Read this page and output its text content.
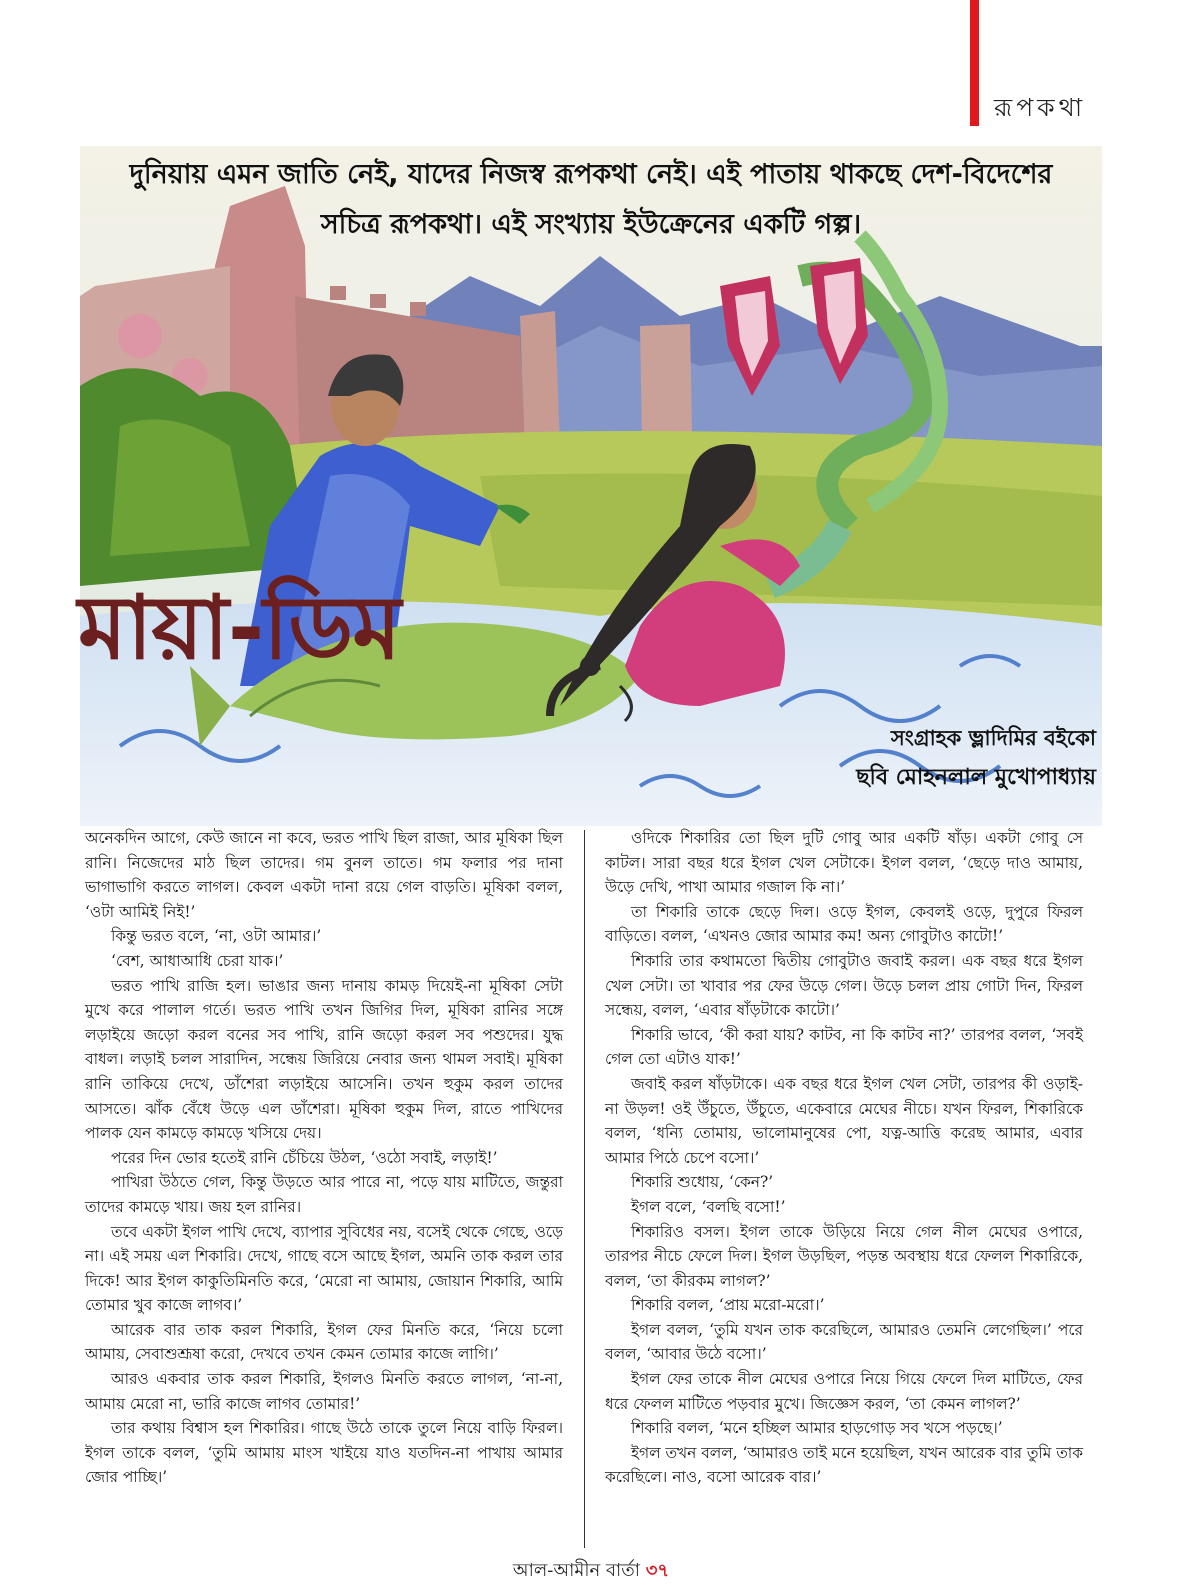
রূপকথা
দুনিয়ায় এমন জাতি নেই, যাদের নিজস্ব রূপকথা নেই। এই পাতায় থাকছে দেশ-বিদেশের
সচিত্র রূপকথা। এই সংখ্যায় ইউক্রেনের একটি গল্প।
মায়া-ডিম
সংগ্রাহক ভ্লাদিমির বইকো
ছবি মোহনলাল মুখোপাধ্যায়

অনেকদিন আগে, কেউ জানে না কবে, ভরত পাখি ছিল রাজা, আর মূষিকা ছিল রানি। নিজেদের মাঠ ছিল তাদের। গম বুনল তাতে। গম ফলার পর দানা ভাগাভাগি করতে লাগল। কেবল একটা দানা রয়ে গেল বাড়তি। মূষিকা বলল, ‘ওটা আমিই নিই!’

কিন্তু ভরত বলে, ‘না, ওটা আমার।’

‘বেশ, আধাআধি চেরা যাক।’

ভরত পাখি রাজি হল। ভাঙার জন্য দানায় কামড় দিয়েই-না মূষিকা সেটা মুখে করে পালাল গর্তে। ভরত পাখি তখন জিগির দিল, মূষিকা রানির সঙ্গে লড়াইয়ে জড়ো করল বনের সব পাখি, রানি জড়ো করল সব পশুদের। যুদ্ধ বাধল। লড়াই চলল সারাদিন, সন্ধেয় জিরিয়ে নেবার জন্য থামল সবাই। মূষিকা রানি তাকিয়ে দেখে, ডাঁশেরা লড়াইয়ে আসেনি। তখন হুকুম করল তাদের আসতে। ঝাঁক বেঁধে উড়ে এল ডাঁশেরা। মূষিকা হুকুম দিল, রাতে পাখিদের পালক যেন কামড়ে কামড়ে খসিয়ে দেয়।

পরের দিন ভোর হতেই রানি চেঁচিয়ে উঠল, ‘ওঠো সবাই, লড়াই!’

পাখিরা উঠতে গেল, কিন্তু উড়তে আর পারে না, পড়ে যায় মাটিতে, জন্তুরা তাদের কামড়ে খায়। জয় হল রানির।

তবে একটা ইগল পাখি দেখে, ব্যাপার সুবিধের নয়, বসেই থেকে গেছে, ওড়ে না। এই সময় এল শিকারি। দেখে, গাছে বসে আছে ইগল, অমনি তাক করল তার দিকে! আর ইগল কাকুতিমিনতি করে, ‘মেরো না আমায়, জোয়ান শিকারি, আমি তোমার খুব কাজে লাগব।’

আরেক বার তাক করল শিকারি, ইগল ফের মিনতি করে, ‘নিয়ে চলো আমায়, সেবাশুশ্রূষা করো, দেখবে তখন কেমন তোমার কাজে লাগি।’

আরও একবার তাক করল শিকারি, ইগলও মিনতি করতে লাগল, ‘না-না, আমায় মেরো না, ভারি কাজে লাগব তোমার!’

তার কথায় বিশ্বাস হল শিকারির। গাছে উঠে তাকে তুলে নিয়ে বাড়ি ফিরল। ইগল তাকে বলল, ‘তুমি আমায় মাংস খাইয়ে যাও যতদিন-না পাখায় আমার জোর পাচ্ছি।’

ওদিকে শিকারির তো ছিল দুটি গোবু আর একটি ষাঁড়। একটা গোবু সে কাটল। সারা বছর ধরে ইগল খেল সেটাকে। ইগল বলল, ‘ছেড়ে দাও আমায়, উড়ে দেখি, পাখা আমার গজাল কি না।’

তা শিকারি তাকে ছেড়ে দিল। ওড়ে ইগল, কেবলই ওড়ে, দুপুরে ফিরল বাড়িতে। বলল, ‘এখনও জোর আমার কম! অন্য গোবুটাও কাটো!’

শিকারি তার কথামতো দ্বিতীয় গোবুটাও জবাই করল। এক বছর ধরে ইগল খেল সেটা। তা খাবার পর ফের উড়ে গেল। উড়ে চলল প্রায় গোটা দিন, ফিরল সন্ধেয়, বলল, ‘এবার ষাঁড়টাকে কাটো।’

শিকারি ভাবে, ‘কী করা যায়? কাটব, না কি কাটব না?’ তারপর বলল, ‘সবই গেল তো এটাও যাক!’

জবাই করল ষাঁড়টাকে। এক বছর ধরে ইগল খেল সেটা, তারপর কী ওড়াই-না উড়ল! ওই উঁচুতে, উঁচুতে, একেবারে মেঘের নীচে। যখন ফিরল, শিকারিকে বলল, ‘ধন্যি তোমায়, ভালোমানুষের পো, যত্ন-আত্তি করেছ আমার, এবার আমার পিঠে চেপে বসো।’

শিকারি শুধোয়, ‘কেন?’

ইগল বলে, ‘বলছি বসো!’

শিকারিও বসল। ইগল তাকে উড়িয়ে নিয়ে গেল নীল মেঘের ওপারে, তারপর নীচে ফেলে দিল। ইগল উড়ছিল, পড়ন্ত অবস্থায় ধরে ফেলল শিকারিকে, বলল, ‘তা কীরকম লাগল?’

শিকারি বলল, ‘প্রায় মরো-মরো।’

ইগল বলল, ‘তুমি যখন তাক করেছিলে, আমারও তেমনি লেগেছিল।’ পরে বলল, ‘আবার উঠে বসো।’

ইগল ফের তাকে নীল মেঘের ওপারে নিয়ে গিয়ে ফেলে দিল মাটিতে, ফের ধরে ফেলল মাটিতে পড়বার মুখে। জিজ্ঞেস করল, ‘তা কেমন লাগল?’

শিকারি বলল, ‘মনে হচ্ছিল আমার হাড়গোড় সব খসে পড়ছে।’

ইগল তখন বলল, ‘আমারও তাই মনে হয়েছিল, যখন আরেক বার তুমি তাক করেছিলে। নাও, বসো আরেক বার।’

আল-আমীন বার্তা ৩৭
